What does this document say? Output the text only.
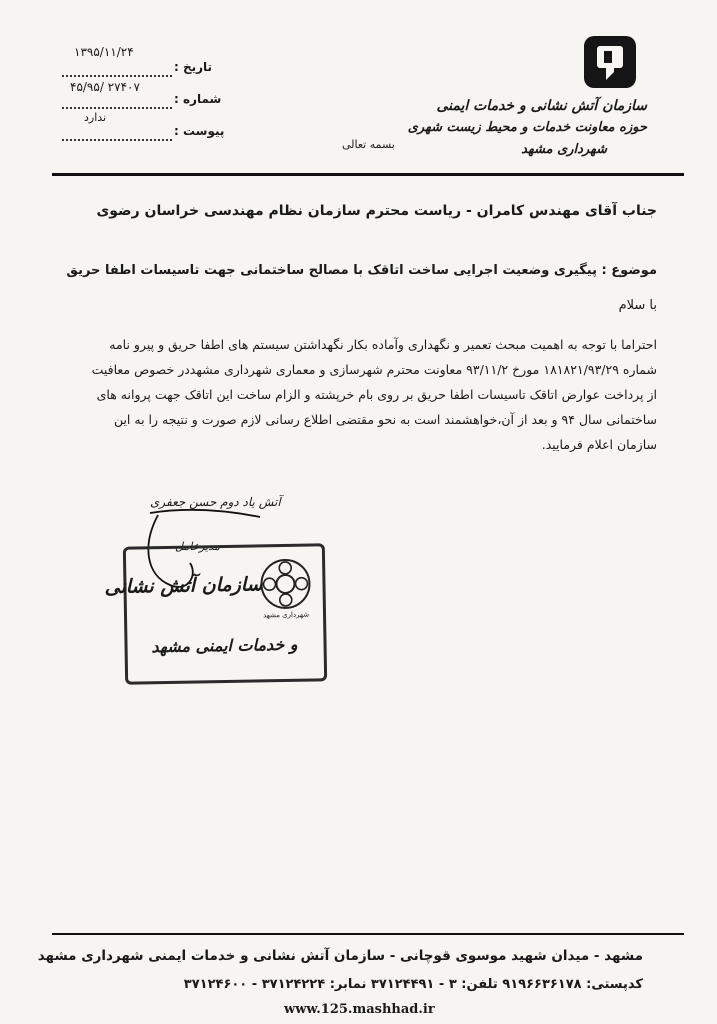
سازمان آتش نشانی و خدمات ایمنی
حوزه معاونت خدمات و محیط زیست شهری
شهرداری مشهد
تاریخ :
۱۳۹۵/۱۱/۲۴
شماره :
۴۵/۹۵/ ۲۷۴۰۷
پیوست :
ندارد
بسمه تعالی
جناب آقای مهندس کامران - ریاست محترم سازمان نظام مهندسی خراسان رضوی
موضوع : پیگیری وضعیت اجرایی ساخت اتاقک با مصالح ساختمانی جهت تاسیسات اطفا حریق
با سلام
احتراما با توجه به اهمیت مبحث تعمیر و نگهداری وآماده بکار نگهداشتن سیستم های اطفا حریق و پیرو نامه
شماره ۱۸۱۸۲۱/۹۳/۲۹ مورخ ۹۳/۱۱/۲ معاونت محترم شهرسازی و معماری شهرداری مشهددر خصوص معافیت
از پرداخت عوارض اتاقک تاسیسات اطفا حریق بر روی بام خرپشته و الزام ساخت این اتاقک جهت پروانه های
ساختمانی سال ۹۴ و بعد از آن،خواهشمند است به نحو مقتضی اطلاع رسانی لازم صورت و نتیجه را به این
سازمان اعلام فرمایید.
آتش یاد دوم حسن جعفری
مدیرعامل
شهرداری مشهد
سازمان آتش نشانی
و خدمات ایمنی مشهد
مشهد - میدان شهید موسوی قوچانی - سازمان آتش نشانی و خدمات ایمنی شهرداری مشهد
کدپستی: ۹۱۹۶۶۳۶۱۷۸ تلفن: ۳ - ۳۷۱۲۴۴۹۱ نمابر: ۳۷۱۲۴۲۲۴ - ۳۷۱۲۴۶۰۰
www.125.mashhad.ir
